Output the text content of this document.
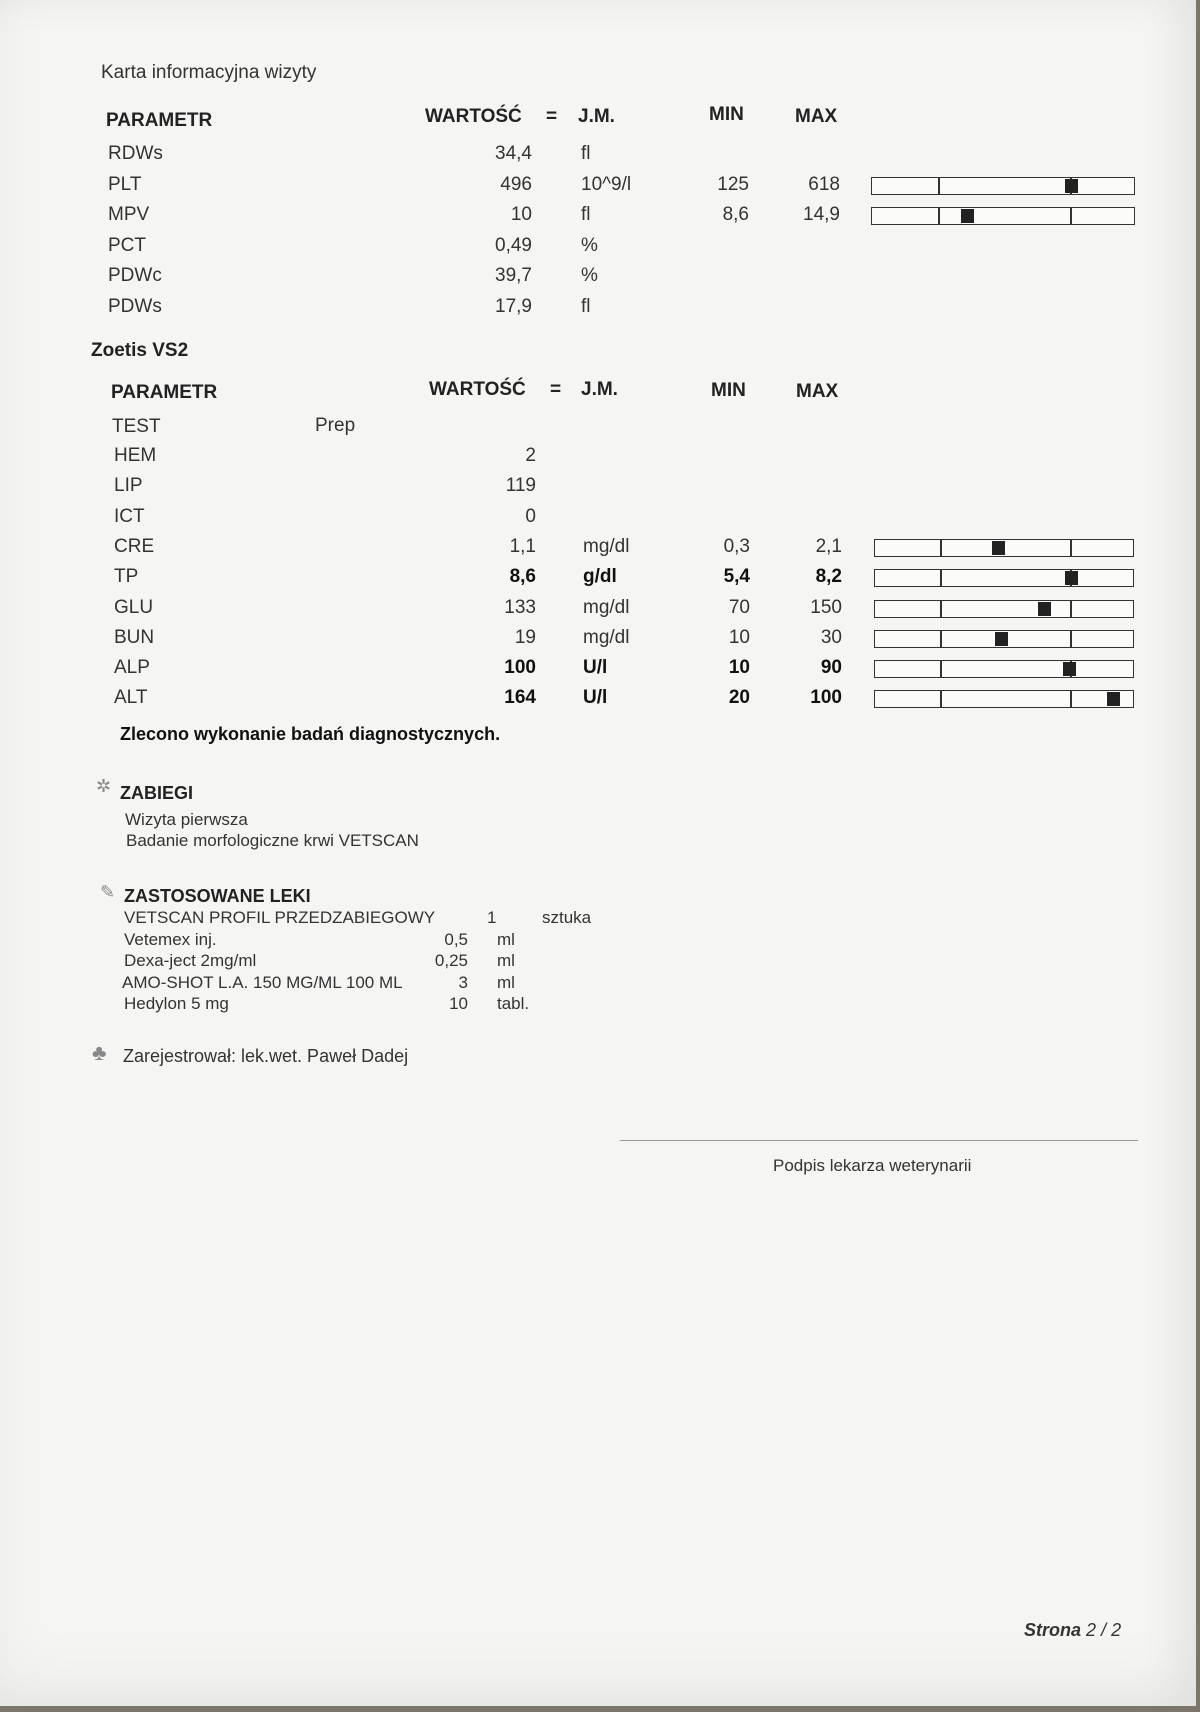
Karta informacyjna wizyty
PARAMETR	WARTOŚĆ = J.M.	MIN	MAX
RDWs	34,4	fl
PLT	496	10^9/l	125	618
MPV	10	fl	8,6	14,9
PCT	0,49	%
PDWc	39,7	%
PDWs	17,9	fl
Zoetis VS2
PARAMETR	WARTOŚĆ = J.M.	MIN	MAX
TEST	Prep
HEM	2
LIP	119
ICT	0
CRE	1,1 mg/dl	0,3	2,1
TP	8,6 g/dl	5,4	8,2
GLU	133 mg/dl	70	150
BUN	19 mg/dl	10	30
ALP	100 U/l	10	90
ALT	164 U/l	20	100
Zlecono wykonanie badań diagnostycznych.
✲ ZABIEGI
Wizyta pierwsza
Badanie morfologiczne krwi VETSCAN
✎ ZASTOSOWANE LEKI
VETSCAN PROFIL PRZEDZABIEGOWY	1	sztuka
Vetemex inj.	0,5 ml
Dexa-ject 2mg/ml	0,25 ml
AMO-SHOT L.A. 150 MG/ML 100 ML	3 ml
Hedylon 5 mg	10 tabl.
♣ Zarejestrował: lek.wet. Paweł Dadej
Podpis lekarza weterynarii
Strona 2 / 2
